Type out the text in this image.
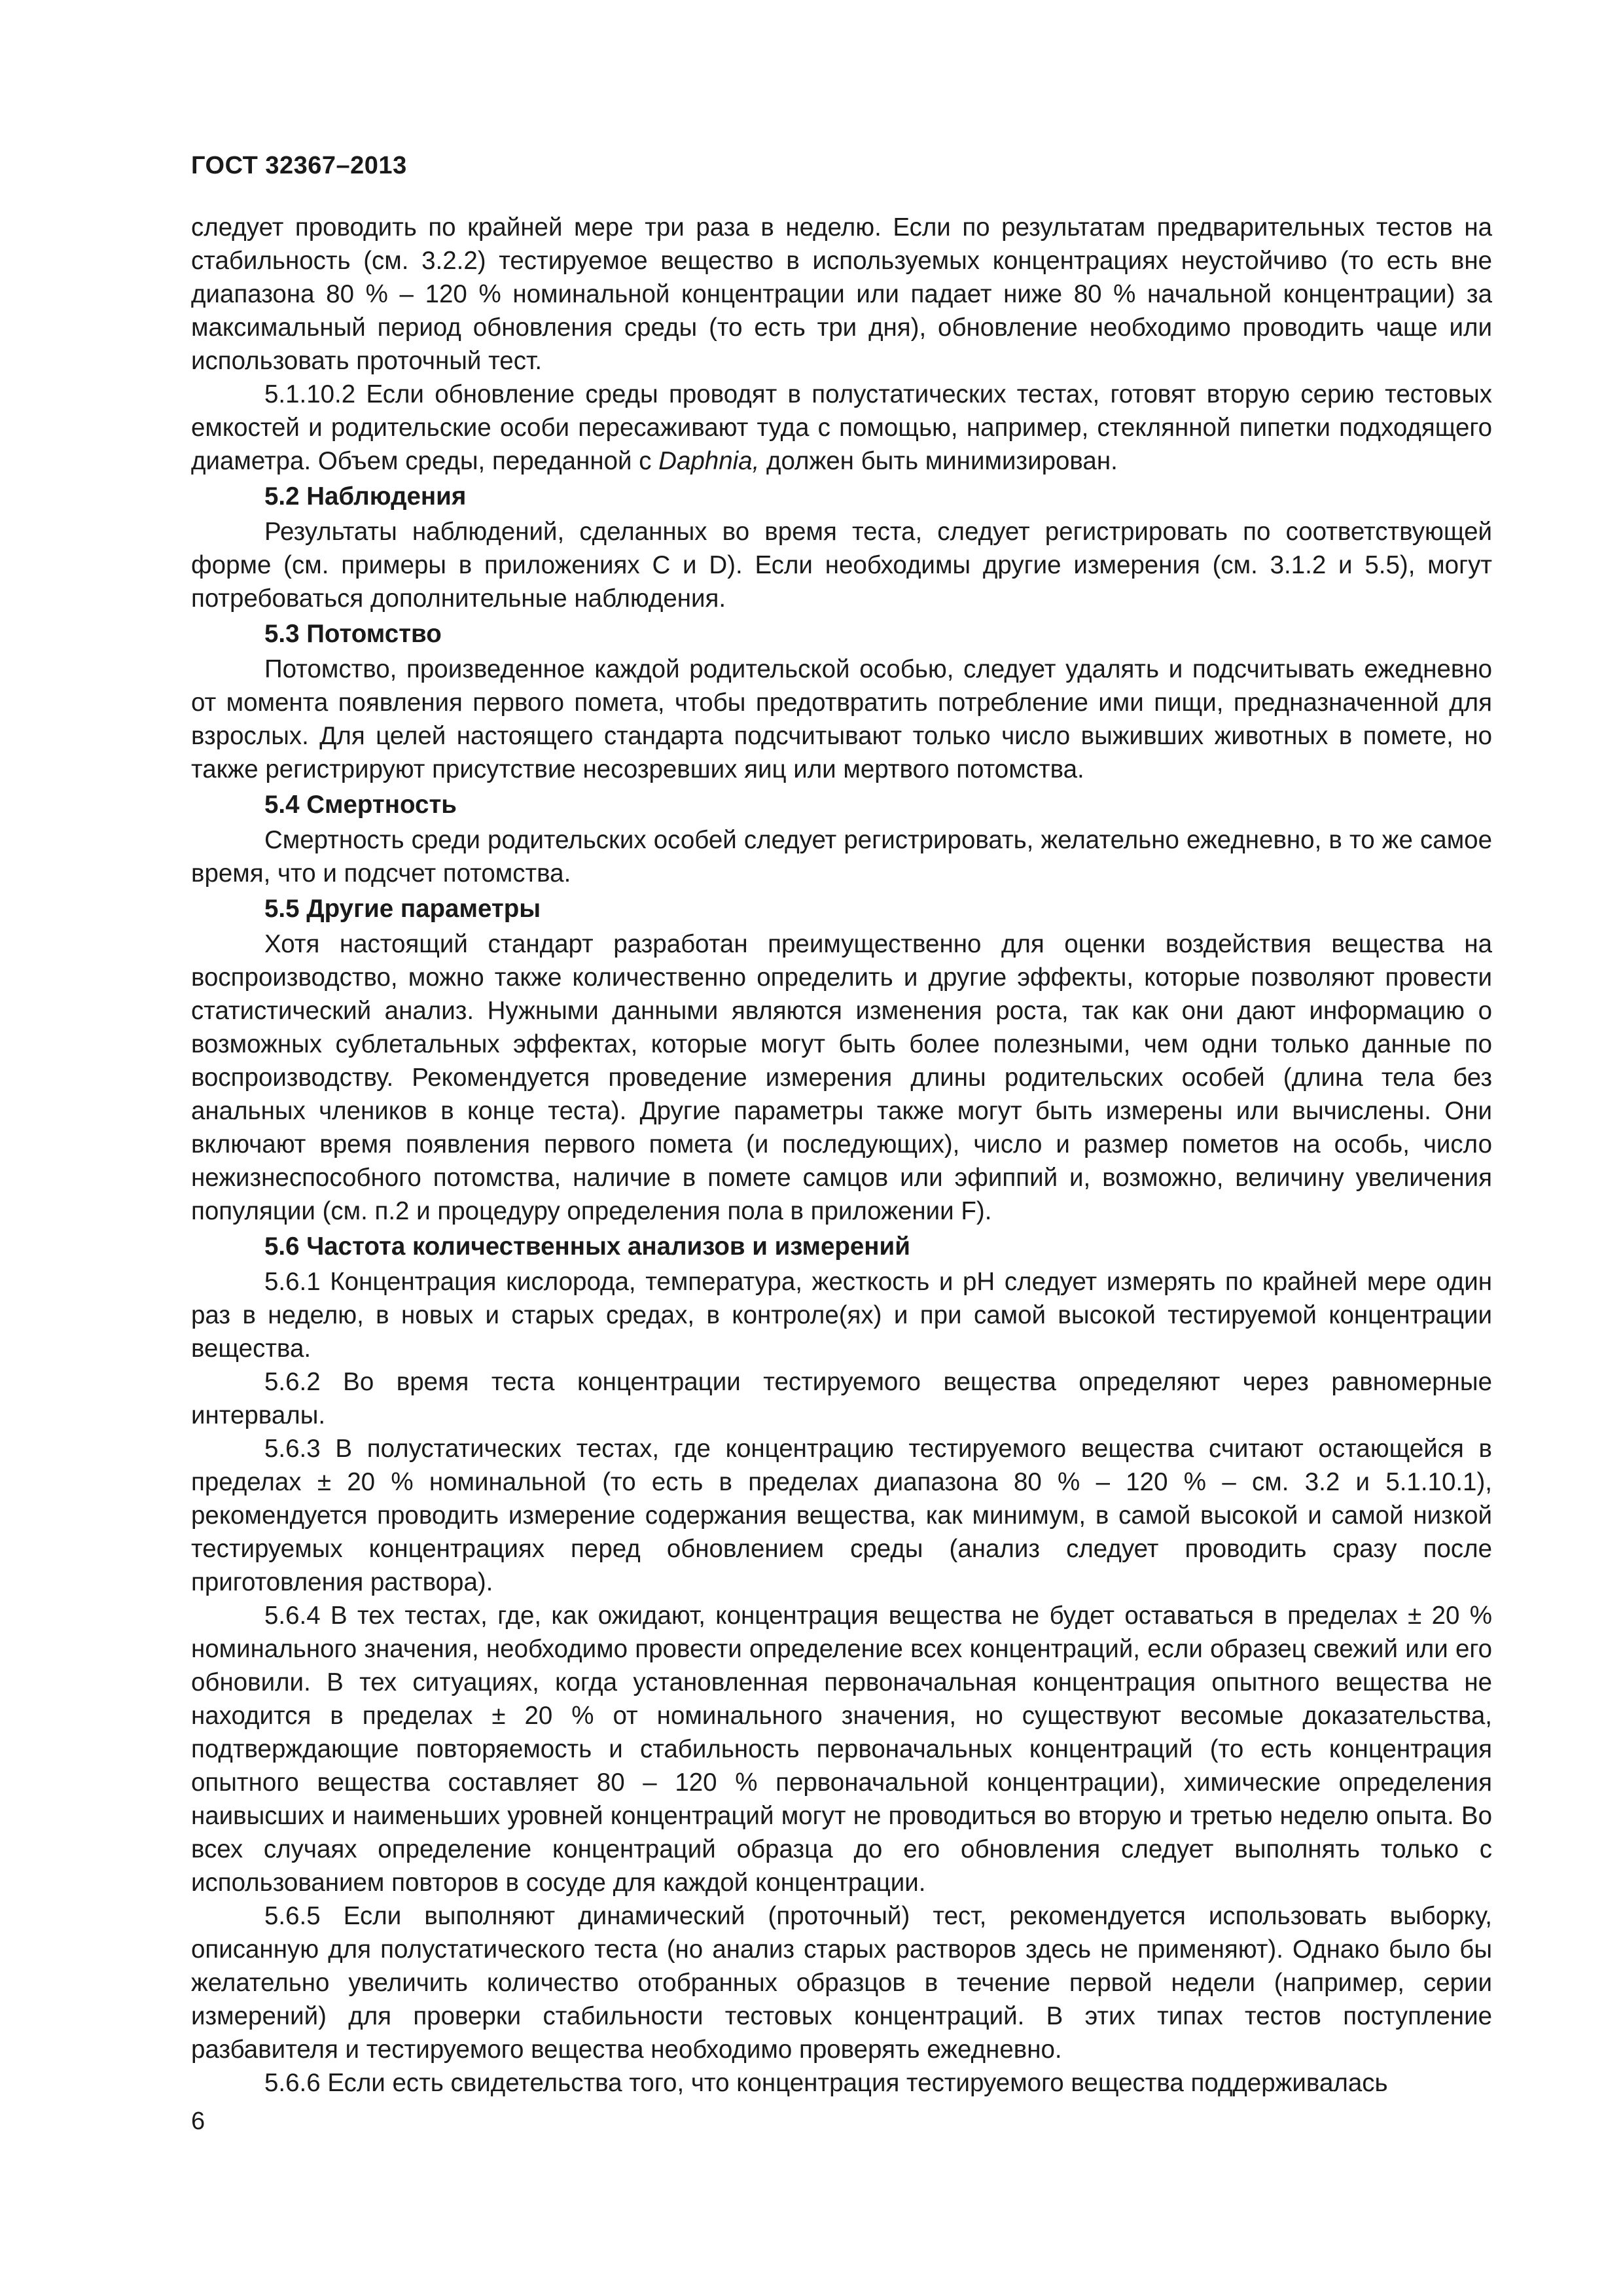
ГОСТ 32367–2013

следует проводить по крайней мере три раза в неделю. Если по результатам предварительных тестов на стабильность (см. 3.2.2) тестируемое вещество в используемых концентрациях неустойчиво (то есть вне диапазона 80 % – 120 % номинальной концентрации или падает ниже 80 % начальной концентрации) за максимальный период обновления среды (то есть три дня), обновление необходимо проводить чаще или использовать проточный тест.

5.1.10.2 Если обновление среды проводят в полустатических тестах, готовят вторую серию тестовых емкостей и родительские особи пересаживают туда с помощью, например, стеклянной пипетки подходящего диаметра. Объем среды, переданной с Daphnia, должен быть минимизирован.

5.2 Наблюдения

Результаты наблюдений, сделанных во время теста, следует регистрировать по соответствующей форме (см. примеры в приложениях С и D). Если необходимы другие измерения (см. 3.1.2 и 5.5), могут потребоваться дополнительные наблюдения.

5.3 Потомство

Потомство, произведенное каждой родительской особью, следует удалять и подсчитывать ежедневно от момента появления первого помета, чтобы предотвратить потребление ими пищи, предназначенной для взрослых. Для целей настоящего стандарта подсчитывают только число выживших животных в помете, но также регистрируют присутствие несозревших яиц или мертвого потомства.

5.4 Смертность

Смертность среди родительских особей следует регистрировать, желательно ежедневно, в то же самое время, что и подсчет потомства.

5.5 Другие параметры

Хотя настоящий стандарт разработан преимущественно для оценки воздействия вещества на воспроизводство, можно также количественно определить и другие эффекты, которые позволяют провести статистический анализ. Нужными данными являются изменения роста, так как они дают информацию о возможных сублетальных эффектах, которые могут быть более полезными, чем одни только данные по воспроизводству. Рекомендуется проведение измерения длины родительских особей (длина тела без анальных члеников в конце теста). Другие параметры также могут быть измерены или вычислены. Они включают время появления первого помета (и последующих), число и размер пометов на особь, число нежизнеспособного потомства, наличие в помете самцов или эфиппий и, возможно, величину увеличения популяции (см. п.2 и процедуру определения пола в приложении F).

5.6 Частота количественных анализов и измерений

5.6.1 Концентрация кислорода, температура, жесткость и pH следует измерять по крайней мере один раз в неделю, в новых и старых средах, в контроле(ях) и при самой высокой тестируемой концентрации вещества.

5.6.2 Во время теста концентрации тестируемого вещества определяют через равномерные интервалы.

5.6.3 В полустатических тестах, где концентрацию тестируемого вещества считают остающейся в пределах ± 20 % номинальной (то есть в пределах диапазона 80 % – 120 % – см. 3.2 и 5.1.10.1), рекомендуется проводить измерение содержания вещества, как минимум, в самой высокой и самой низкой тестируемых концентрациях перед обновлением среды (анализ следует проводить сразу после приготовления раствора).

5.6.4 В тех тестах, где, как ожидают, концентрация вещества не будет оставаться в пределах ± 20 % номинального значения, необходимо провести определение всех концентраций, если образец свежий или его обновили. В тех ситуациях, когда установленная первоначальная концентрация опытного вещества не находится в пределах ± 20 % от номинального значения, но существуют весомые доказательства, подтверждающие повторяемость и стабильность первоначальных концентраций (то есть концентрация опытного вещества составляет 80 – 120 % первоначальной концентрации), химические определения наивысших и наименьших уровней концентраций могут не проводиться во вторую и третью неделю опыта. Во всех случаях определение концентраций образца до его обновления следует выполнять только с использованием повторов в сосуде для каждой концентрации.

5.6.5 Если выполняют динамический (проточный) тест, рекомендуется использовать выборку, описанную для полустатического теста (но анализ старых растворов здесь не применяют). Однако было бы желательно увеличить количество отобранных образцов в течение первой недели (например, серии измерений) для проверки стабильности тестовых концентраций. В этих типах тестов поступление разбавителя и тестируемого вещества необходимо проверять ежедневно.

5.6.6 Если есть свидетельства того, что концентрация тестируемого вещества поддерживалась

6
